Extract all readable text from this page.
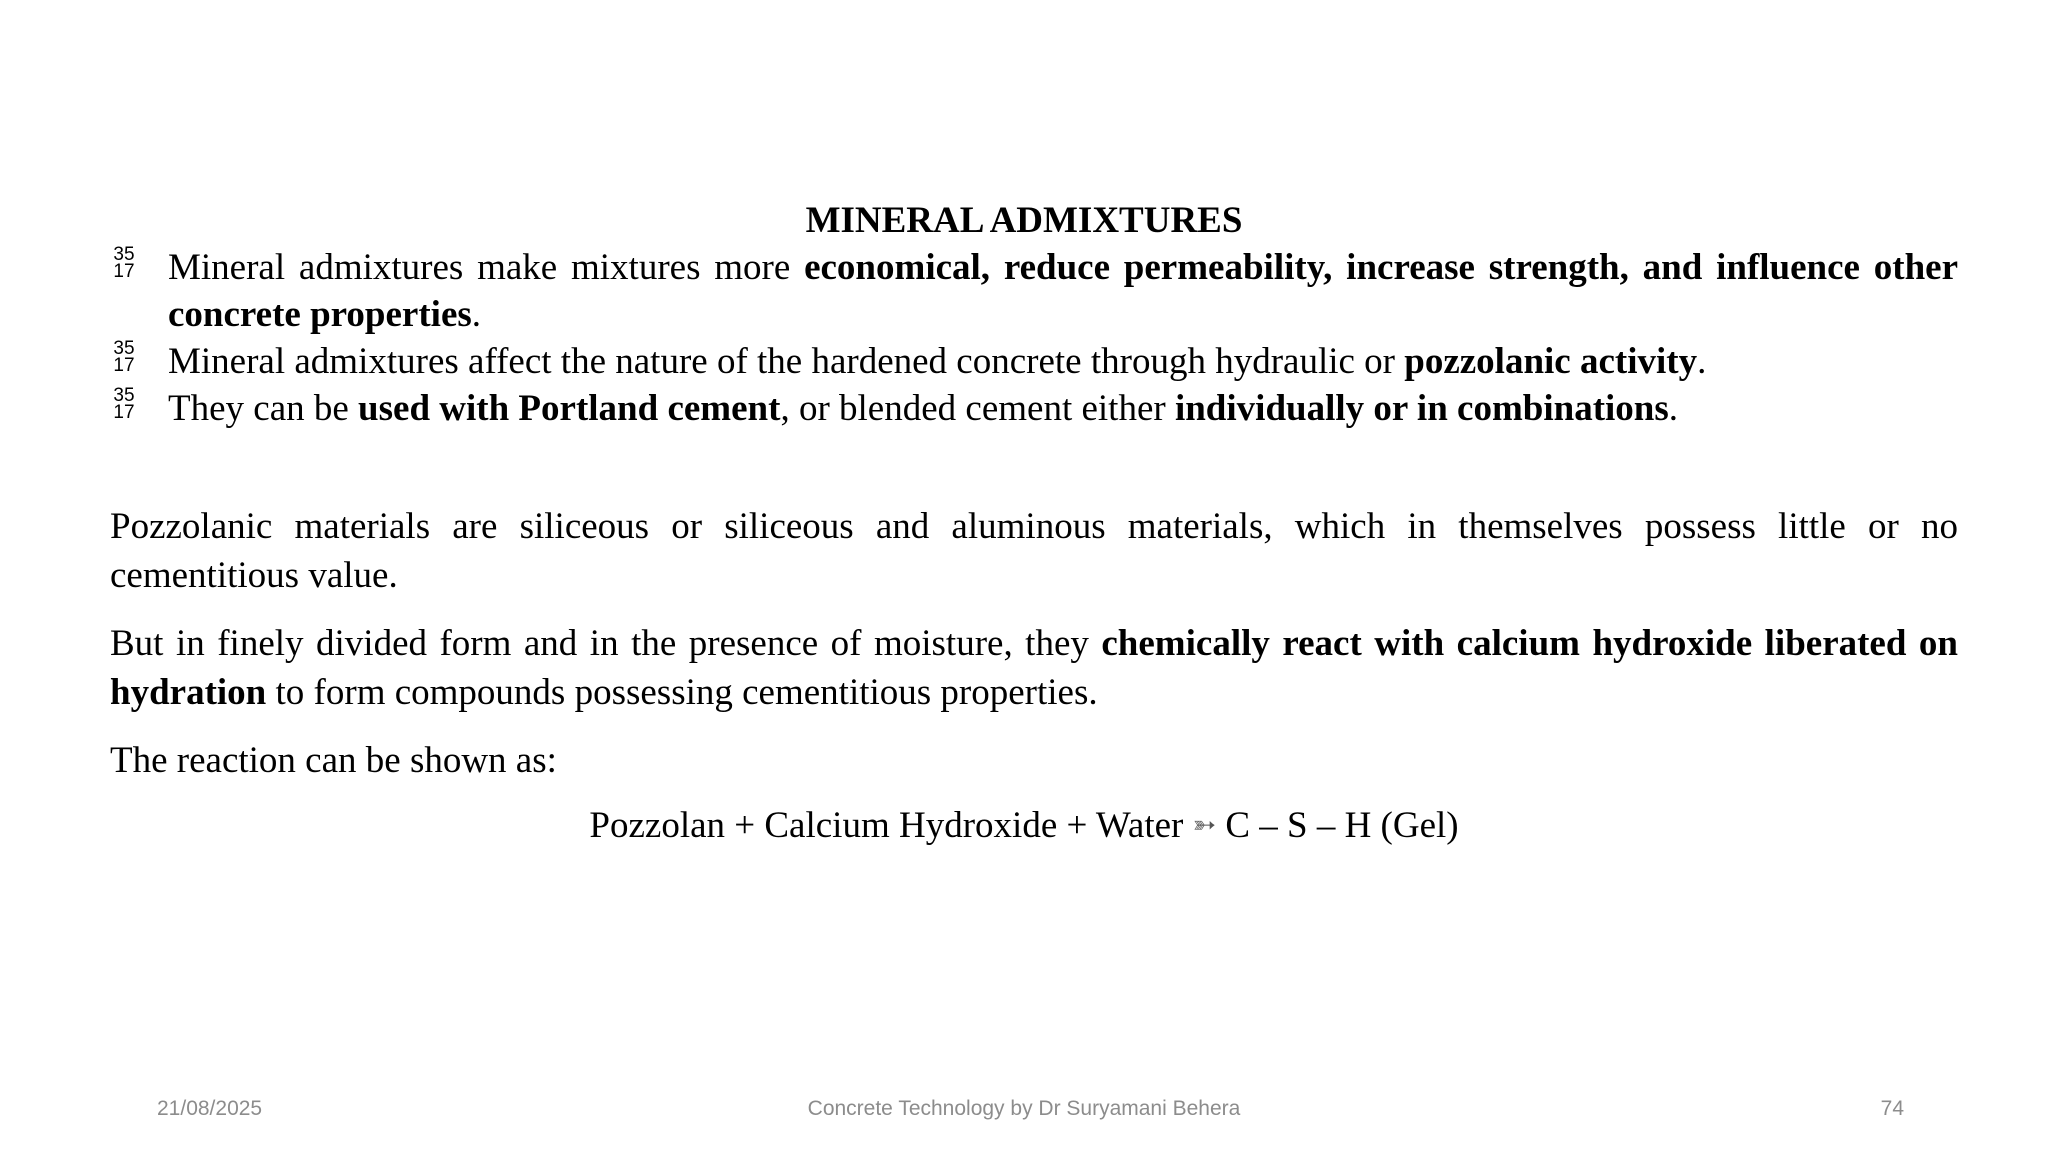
MINERAL ADMIXTURES
35
17 Mineral admixtures make mixtures more economical, reduce permeability, increase strength, and influence other concrete properties.
35
17 Mineral admixtures affect the nature of the hardened concrete through hydraulic or pozzolanic activity.
35
17 They can be used with Portland cement, or blended cement either individually or in combinations.
Pozzolanic materials are siliceous or siliceous and aluminous materials, which in themselves possess little or no cementitious value.
But in finely divided form and in the presence of moisture, they chemically react with calcium hydroxide liberated on hydration to form compounds possessing cementitious properties.
The reaction can be shown as:
Pozzolan + Calcium Hydroxide + Water ➳ C – S – H (Gel)
21/08/2025	Concrete Technology by Dr Suryamani Behera	74
